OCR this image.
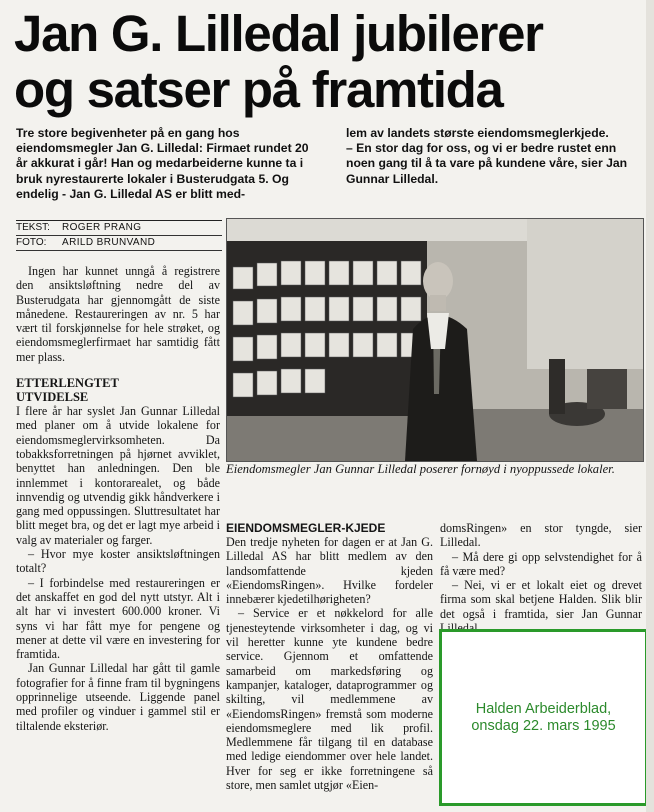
Jan G. Lilledal jubilerer
og satser på framtida

Tre store begivenheter på en gang hos eiendomsmegler Jan G. Lilledal: Firmaet rundet 20 år akkurat i går! Han og medarbeiderne kunne ta i bruk nyrestaurerte lokaler i Busterudgata 5. Og endelig - Jan G. Lilledal AS er blitt med-

lem av landets største eiendomsmeglerkjede.

– En stor dag for oss, og vi er bedre rustet enn noen gang til å ta vare på kundene våre, sier Jan Gunnar Lilledal.

TEKST:	ROGER PRANG
FOTO:	ARILD BRUNVAND

Ingen har kunnet unngå å registrere den ansiktsløftning nedre del av Busterudgata har gjennomgått de siste månedene. Restaureringen av nr. 5 har vært til forskjønnelse for hele strøket, og eiendomsmeglerfirmaet har samtidig fått mer plass.

ETTERLENGTET UTVIDELSE

I flere år har syslet Jan Gunnar Lilledal med planer om å utvide lokalene for eiendomsmeglervirksomheten. Da tobakksforretningen på hjørnet avviklet, benyttet han anledningen. Den ble innlemmet i kontorarealet, og både innvendig og utvendig gikk håndverkere i gang med oppussingen. Sluttresultatet har blitt meget bra, og det er lagt mye arbeid i valg av materialer og farger.

– Hvor mye koster ansiktsløftningen totalt?

– I forbindelse med restaureringen er det anskaffet en god del nytt utstyr. Alt i alt har vi investert 600.000 kroner. Vi syns vi har fått mye for pengene og mener at dette vil være en investering for framtida.

Jan Gunnar Lilledal har gått til gamle fotografier for å finne fram til bygningens opprinnelige utseende. Liggende panel med profiler og vinduer i gammel stil er tiltalende eksteriør.

Eiendomsmegler Jan Gunnar Lilledal poserer fornøyd i nyoppussede lokaler.
EIENDOMSMEGLER-KJEDE

Den tredje nyheten for dagen er at Jan G. Lilledal AS har blitt medlem av den landsomfattende kjeden «EiendomsRingen». Hvilke fordeler innebærer kjedetilhørigheten?

– Service er et nøkkelord for alle tjenesteytende virksomheter i dag, og vi vil heretter kunne yte kundene bedre service. Gjennom et omfattende samarbeid om markedsføring og kampanjer, kataloger, dataprogrammer og skilting, vil medlemmene av «EiendomsRingen» fremstå som moderne eiendomsmeglere med lik profil. Medlemmene får tilgang til en database med ledige eiendommer over hele landet. Hver for seg er ikke forretningene så store, men samlet utgjør «Eien-

domsRingen» en stor tyngde, sier Lilledal.

– Må dere gi opp selvstendighet for å få være med?

– Nei, vi er et lokalt eiet og drevet firma som skal betjene Halden. Slik blir det også i framtida, sier Jan Gunnar

Halden Arbeiderblad,
onsdag 22. mars 1995
